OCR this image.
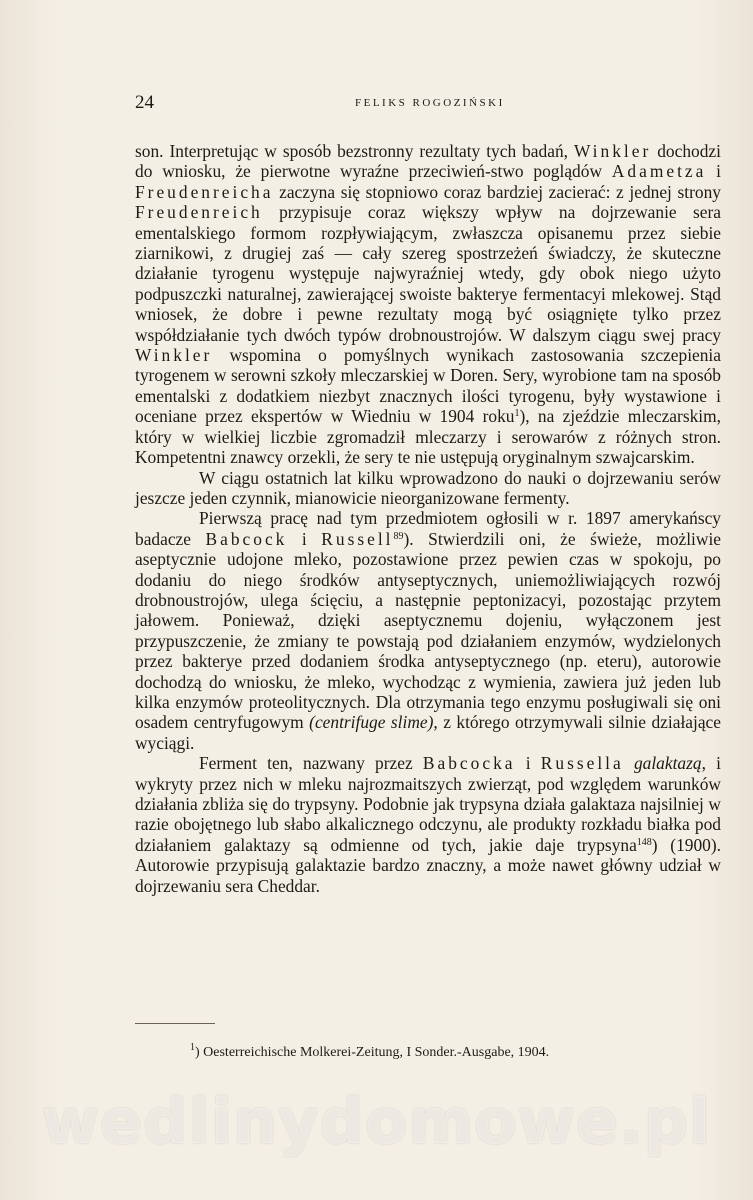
24	FELIKS ROGOZIŃSKI

son. Interpretując w sposób bezstronny rezultaty tych badań, Winkler dochodzi do wniosku, że pierwotne wyraźne przeciwień-stwo poglądów Adametza i Freudenreicha zaczyna się stopniowo coraz bardziej zacierać: z jednej strony Freudenreich przypisuje coraz większy wpływ na dojrzewanie sera ementalskiego formom rozpływiającym, zwłaszcza opisanemu przez siebie ziarnikowi, z drugiej zaś — cały szereg spostrzeżeń świadczy, że skuteczne działanie tyrogenu występuje najwyraźniej wtedy, gdy obok niego użyto podpuszczki naturalnej, zawierającej swoiste bakterye fermentacyi mlekowej. Stąd wniosek, że dobre i pewne rezultaty mogą być osiągnięte tylko przez współdziałanie tych dwóch typów drobnoustrojów. W dalszym ciągu swej pracy Winkler wspomina o pomyślnych wynikach zastosowania szczepienia tyrogenem w serowni szkoły mleczarskiej w Doren. Sery, wyrobione tam na sposób ementalski z dodatkiem niezbyt znacznych ilości tyrogenu, były wystawione i oceniane przez ekspertów w Wiedniu w 1904 roku$^1$), na zjeździe mleczarskim, który w wielkiej liczbie zgromadził mleczarzy i serowarów z różnych stron. Kompetentni znawcy orzekli, że sery te nie ustępują oryginalnym szwajcarskim.

W ciągu ostatnich lat kilku wprowadzono do nauki o dojrzewaniu serów jeszcze jeden czynnik, mianowicie nieorganizowane fermenty.

Pierwszą pracę nad tym przedmiotem ogłosili w r. 1897 amerykańscy badacze Babcock i Russell$^{89}$). Stwierdzili oni, że świeże, możliwie aseptycznie udojone mleko, pozostawione przez pewien czas w spokoju, po dodaniu do niego środków antyseptycznych, uniemożliwiających rozwój drobnoustrojów, ulega ścięciu, a następnie peptonizacyi, pozostając przytem jałowem. Ponieważ, dzięki aseptycznemu dojeniu, wyłączonem jest przypuszczenie, że zmiany te powstają pod działaniem enzymów, wydzielonych przez bakterye przed dodaniem środka antyseptycznego (np. eteru), autorowie dochodzą do wniosku, że mleko, wychodząc z wymienia, zawiera już jeden lub kilka enzymów proteolitycznych. Dla otrzymania tego enzymu posługiwali się oni osadem centryfugowym (centrifuge slime), z którego otrzymywali silnie działające wyciągi.

Ferment ten, nazwany przez Babcocka i Russella galaktazą, i wykryty przez nich w mleku najrozmaitszych zwierząt, pod względem warunków działania zbliża się do trypsyny. Podobnie jak trypsyna działa galaktaza najsilniej w razie obojętnego lub słabo alkalicznego odczynu, ale produkty rozkładu białka pod działaniem galaktazy są odmienne od tych, jakie daje trypsyna$^{148}$) (1900). Autorowie przypisują galaktazie bardzo znaczny, a może nawet główny udział w dojrzewaniu sera Cheddar.

$^1$) Oesterreichische Molkerei-Zeitung, I Sonder.-Ausgabe, 1904.
wedlinydomowe.pl
